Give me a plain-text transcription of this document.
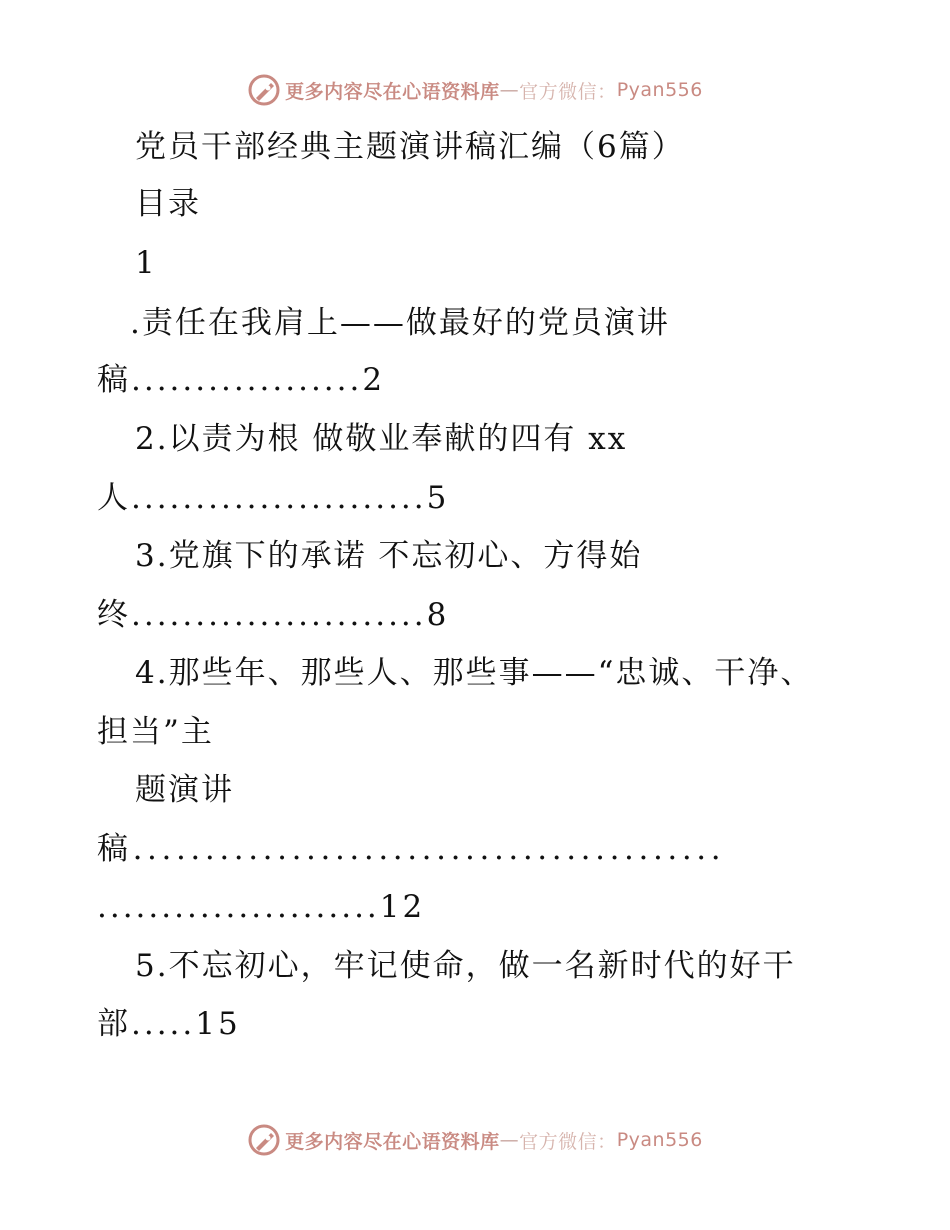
更多内容尽在心语资料库 — 官方微信： Pyan556
党员干部经典主题演讲稿汇编（6篇）
目录
1
.责任在我肩上——做最好的党员演讲
稿..................2
2.以责为根 做敬业奉献的四有 xx
人.......................5
3.党旗下的承诺 不忘初心、方得始
终.......................8
4.那些年、那些人、那些事——“忠诚、干净、
担当”主
题演讲
稿.........................................
......................12
5.不忘初心，牢记使命，做一名新时代的好干
部.....15
更多内容尽在心语资料库 — 官方微信： Pyan556
